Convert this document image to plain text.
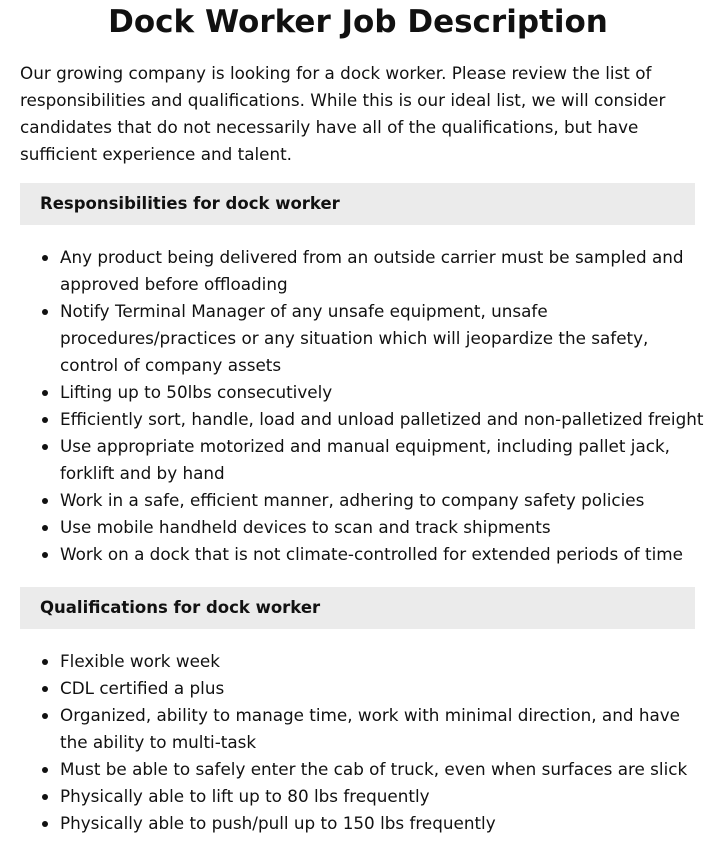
Dock Worker Job Description

Our growing company is looking for a dock worker. Please review the list of responsibilities and qualifications. While this is our ideal list, we will consider candidates that do not necessarily have all of the qualifications, but have sufficient experience and talent.

Responsibilities for dock worker
Any product being delivered from an outside carrier must be sampled and approved before offloading
Notify Terminal Manager of any unsafe equipment, unsafe procedures/practices or any situation which will jeopardize the safety, control of company assets
Lifting up to 50lbs consecutively
Efficiently sort, handle, load and unload palletized and non-palletized freight
Use appropriate motorized and manual equipment, including pallet jack, forklift and by hand
Work in a safe, efficient manner, adhering to company safety policies
Use mobile handheld devices to scan and track shipments
Work on a dock that is not climate-controlled for extended periods of time
Qualifications for dock worker
Flexible work week
CDL certified a plus
Organized, ability to manage time, work with minimal direction, and have the ability to multi-task
Must be able to safely enter the cab of truck, even when surfaces are slick
Physically able to lift up to 80 lbs frequently
Physically able to push/pull up to 150 lbs frequently
